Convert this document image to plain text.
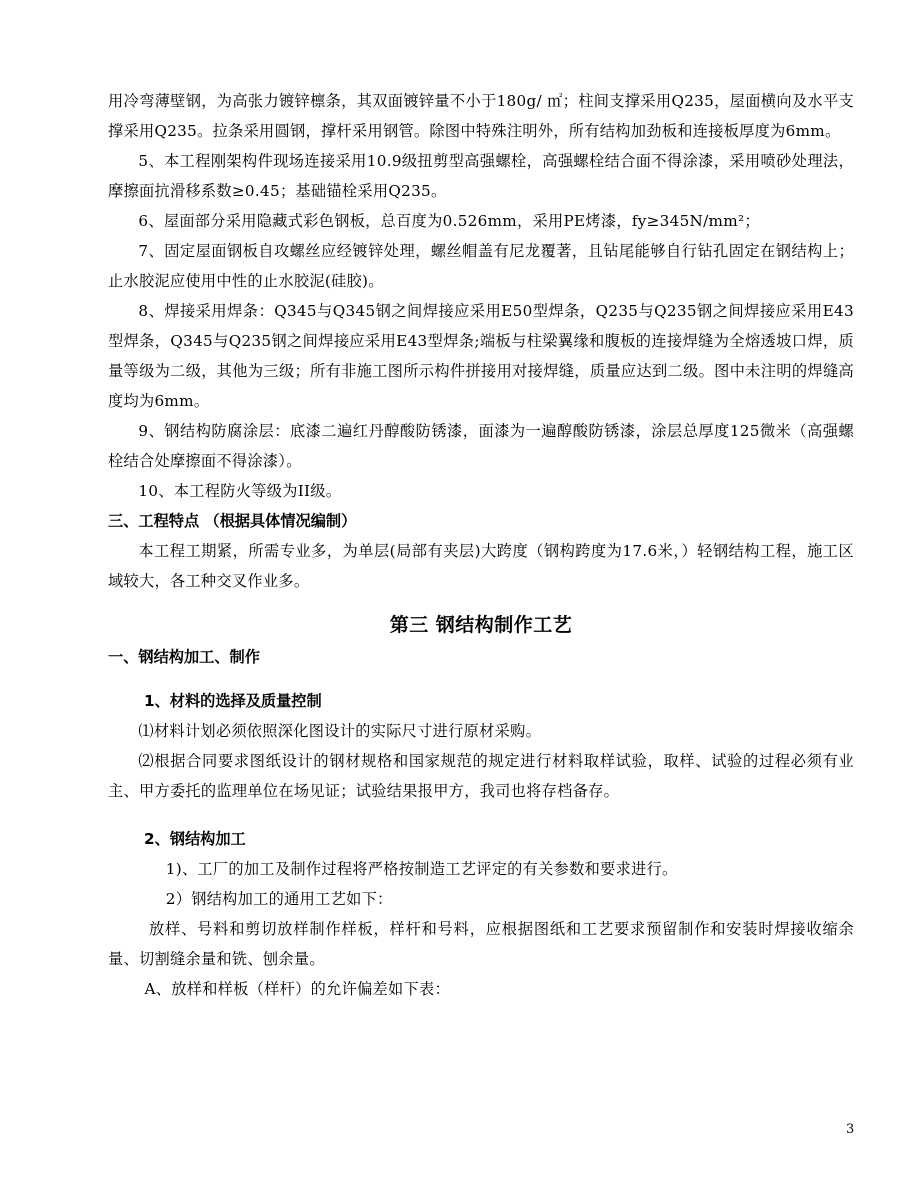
用冷弯薄壁钢，为高张力镀锌檩条，其双面镀锌量不小于180g/ ㎡；柱间支撑采用Q235，屋面横向及水平支撑采用Q235。拉条采用圆钢，撑杆采用钢管。除图中特殊注明外，所有结构加劲板和连接板厚度为6mm。

5、本工程刚架构件现场连接采用10.9级扭剪型高强螺栓，高强螺栓结合面不得涂漆，采用喷砂处理法，摩擦面抗滑移系数≥0.45；基础锚栓采用Q235。

6、屋面部分采用隐藏式彩色钢板，总百度为0.526mm，采用PE烤漆，fy≥345N/mm²；

7、固定屋面钢板自攻螺丝应经镀锌处理，螺丝帽盖有尼龙覆著，且钻尾能够自行钻孔固定在钢结构上；止水胶泥应使用中性的止水胶泥(硅胶)。

8、焊接采用焊条：Q345与Q345钢之间焊接应采用E50型焊条，Q235与Q235钢之间焊接应采用E43型焊条，Q345与Q235钢之间焊接应采用E43型焊条;端板与柱梁翼缘和腹板的连接焊缝为全熔透坡口焊，质量等级为二级，其他为三级；所有非施工图所示构件拼接用对接焊缝，质量应达到二级。图中未注明的焊缝高度均为6mm。

9、钢结构防腐涂层：底漆二遍红丹醇酸防锈漆，面漆为一遍醇酸防锈漆，涂层总厚度125微米（高强螺栓结合处摩擦面不得涂漆）。

10、本工程防火等级为II级。

三、工程特点 （根据具体情况编制）

本工程工期紧，所需专业多，为单层(局部有夹层)大跨度（钢构跨度为17.6米，）轻钢结构工程，施工区域较大，各工种交叉作业多。

第三 钢结构制作工艺

一、钢结构加工、制作

1、材料的选择及质量控制

⑴材料计划必须依照深化图设计的实际尺寸进行原材采购。

⑵根据合同要求图纸设计的钢材规格和国家规范的规定进行材料取样试验，取样、试验的过程必须有业主、甲方委托的监理单位在场见证；试验结果报甲方，我司也将存档备存。

2、钢结构加工

1)、工厂的加工及制作过程将严格按制造工艺评定的有关参数和要求进行。

2）钢结构加工的通用工艺如下：

放样、号料和剪切放样制作样板，样杆和号料，应根据图纸和工艺要求预留制作和安装时焊接收缩余量、切割缝余量和铣、刨余量。

A、放样和样板（样杆）的允许偏差如下表：

3
